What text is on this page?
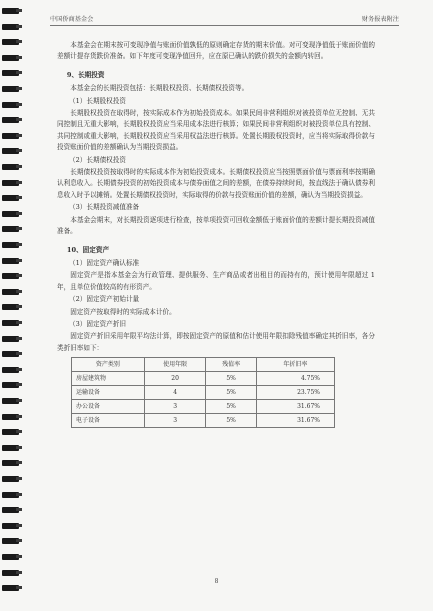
中国侨商基金会	财务报表附注

本基金会在期末按可变现净值与账面价值孰低的原则确定存货的期末价值。对可变现净值低于账面价值的差额计提存货跌价准备。如下年度可变现净值回升，应在原已确认的跌价损失的金额内转回。

9、长期投资

本基金会的长期投资包括：长期股权投资、长期债权投资等。

（1）长期股权投资

长期股权投资在取得时，按实际成本作为初始投资成本。如果民间非营利组织对被投资单位无控制、无共同控制且无重大影响，长期股权投资应当采用成本法进行核算；如果民间非营利组织对被投资单位具有控制、共同控制或重大影响，长期股权投资应当采用权益法进行核算。处置长期股权投资时，应当将实际取得价款与投资账面价值的差额确认为当期投资损益。

（2）长期债权投资

长期债权投资按取得时的实际成本作为初始投资成本。长期债权投资应当按照票面价值与票面利率按期确认利息收入。长期债券投资的初始投资成本与债券面值之间的差额，在债券持续时间，按直线法于确认债券利息收入时予以摊销。处置长期债权投资时，实际取得的价款与投资账面价值的差额，确认为当期投资损益。

（3）长期投资减值准备

本基金会期末，对长期投资逐项进行检查，按单项投资可回收金额低于账面价值的差额计提长期投资减值准备。

10、固定资产

（1）固定资产确认标准

固定资产是指本基金会为行政管理、提供服务、生产商品或者出租目的而持有的，预计使用年限超过 1 年，且单位价值较高的有形资产。

（2）固定资产初始计量

固定资产按取得时的实际成本计价。

（3）固定资产折旧

固定资产折旧采用年限平均法计算，即按固定资产的原值和估计使用年限扣除残值率确定其折旧率，各分类折旧率如下：

资产类别	使用年限	残值率	年折旧率
房屋建筑物	20	5%	4.75%
运输设备	4	5%	23.75%
办公设备	3	5%	31.67%
电子设备	3	5%	31.67%
8
